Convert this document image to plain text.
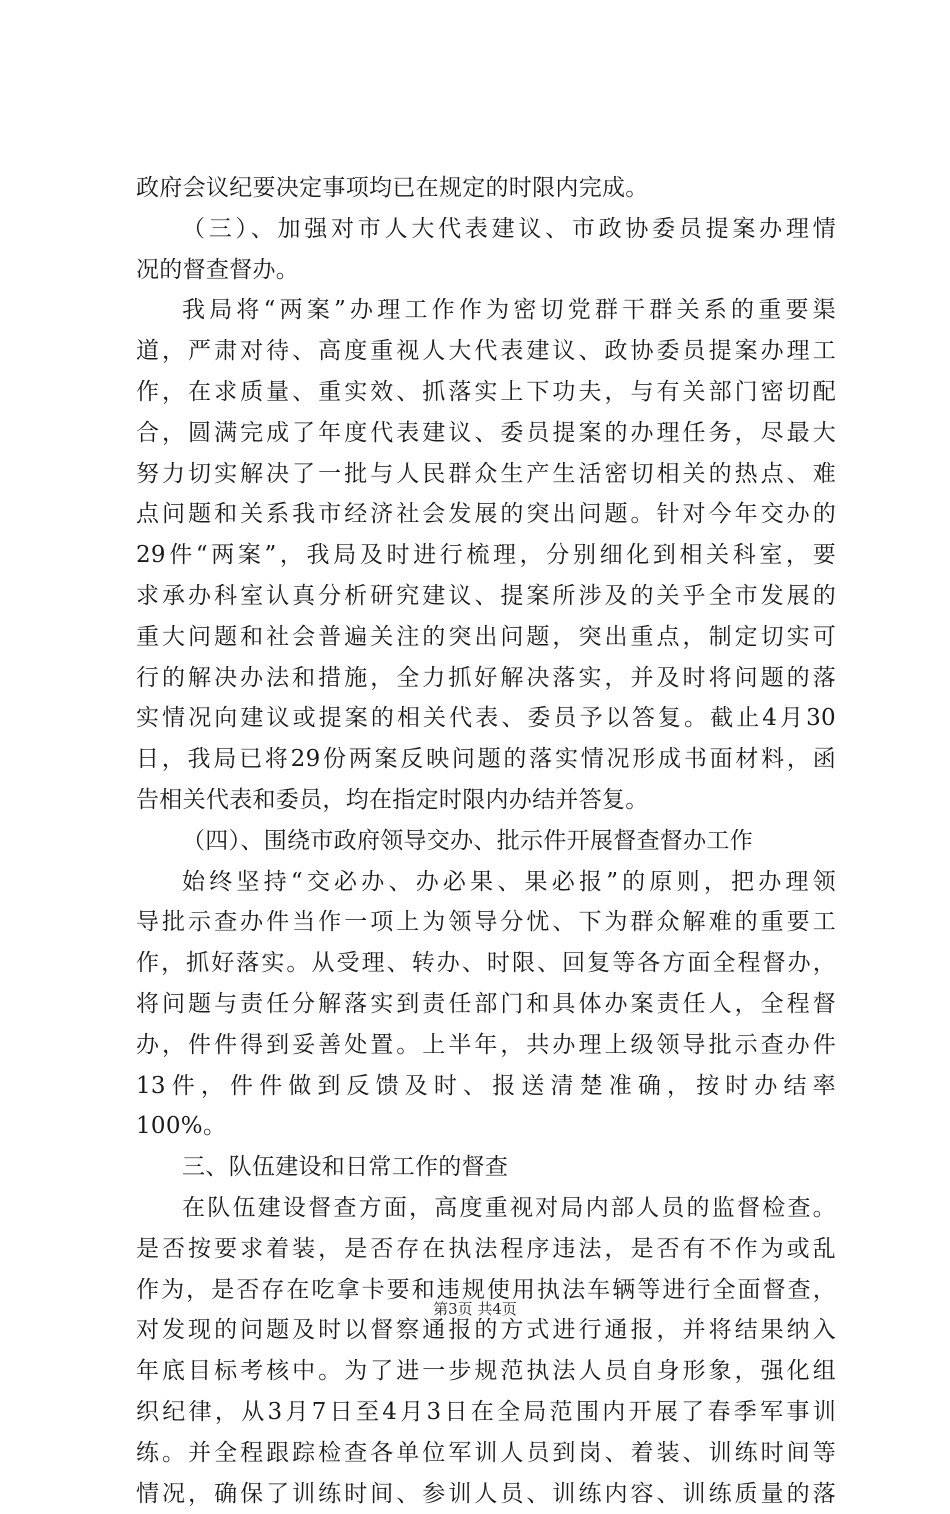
政府会议纪要决定事项均已在规定的时限内完成。
（三）、加强对市人大代表建议、市政协委员提案办理情
况的督查督办。
我局将“两案”办理工作作为密切党群干群关系的重要渠
道，严肃对待、高度重视人大代表建议、政协委员提案办理工
作，在求质量、重实效、抓落实上下功夫，与有关部门密切配
合，圆满完成了年度代表建议、委员提案的办理任务，尽最大
努力切实解决了一批与人民群众生产生活密切相关的热点、难
点问题和关系我市经济社会发展的突出问题。针对今年交办的
29件“两案”，我局及时进行梳理，分别细化到相关科室，要
求承办科室认真分析研究建议、提案所涉及的关乎全市发展的
重大问题和社会普遍关注的突出问题，突出重点，制定切实可
行的解决办法和措施，全力抓好解决落实，并及时将问题的落
实情况向建议或提案的相关代表、委员予以答复。截止4月30
日，我局已将29份两案反映问题的落实情况形成书面材料，函
告相关代表和委员，均在指定时限内办结并答复。
（四）、围绕市政府领导交办、批示件开展督查督办工作
始终坚持“交必办、办必果、果必报”的原则，把办理领
导批示查办件当作一项上为领导分忧、下为群众解难的重要工
作，抓好落实。从受理、转办、时限、回复等各方面全程督办，
将问题与责任分解落实到责任部门和具体办案责任人，全程督
办，件件得到妥善处置。上半年，共办理上级领导批示查办件
13件，件件做到反馈及时、报送清楚准确，按时办结率
100%。
三、队伍建设和日常工作的督查
在队伍建设督查方面，高度重视对局内部人员的监督检查。
是否按要求着装，是否存在执法程序违法，是否有不作为或乱
作为，是否存在吃拿卡要和违规使用执法车辆等进行全面督查，
对发现的问题及时以督察通报的方式进行通报，并将结果纳入
年底目标考核中。为了进一步规范执法人员自身形象，强化组
织纪律，从3月7日至4月3日在全局范围内开展了春季军事训
练。并全程跟踪检查各单位军训人员到岗、着装、训练时间等
情况，确保了训练时间、参训人员、训练内容、训练质量的落
第3页 共4页
